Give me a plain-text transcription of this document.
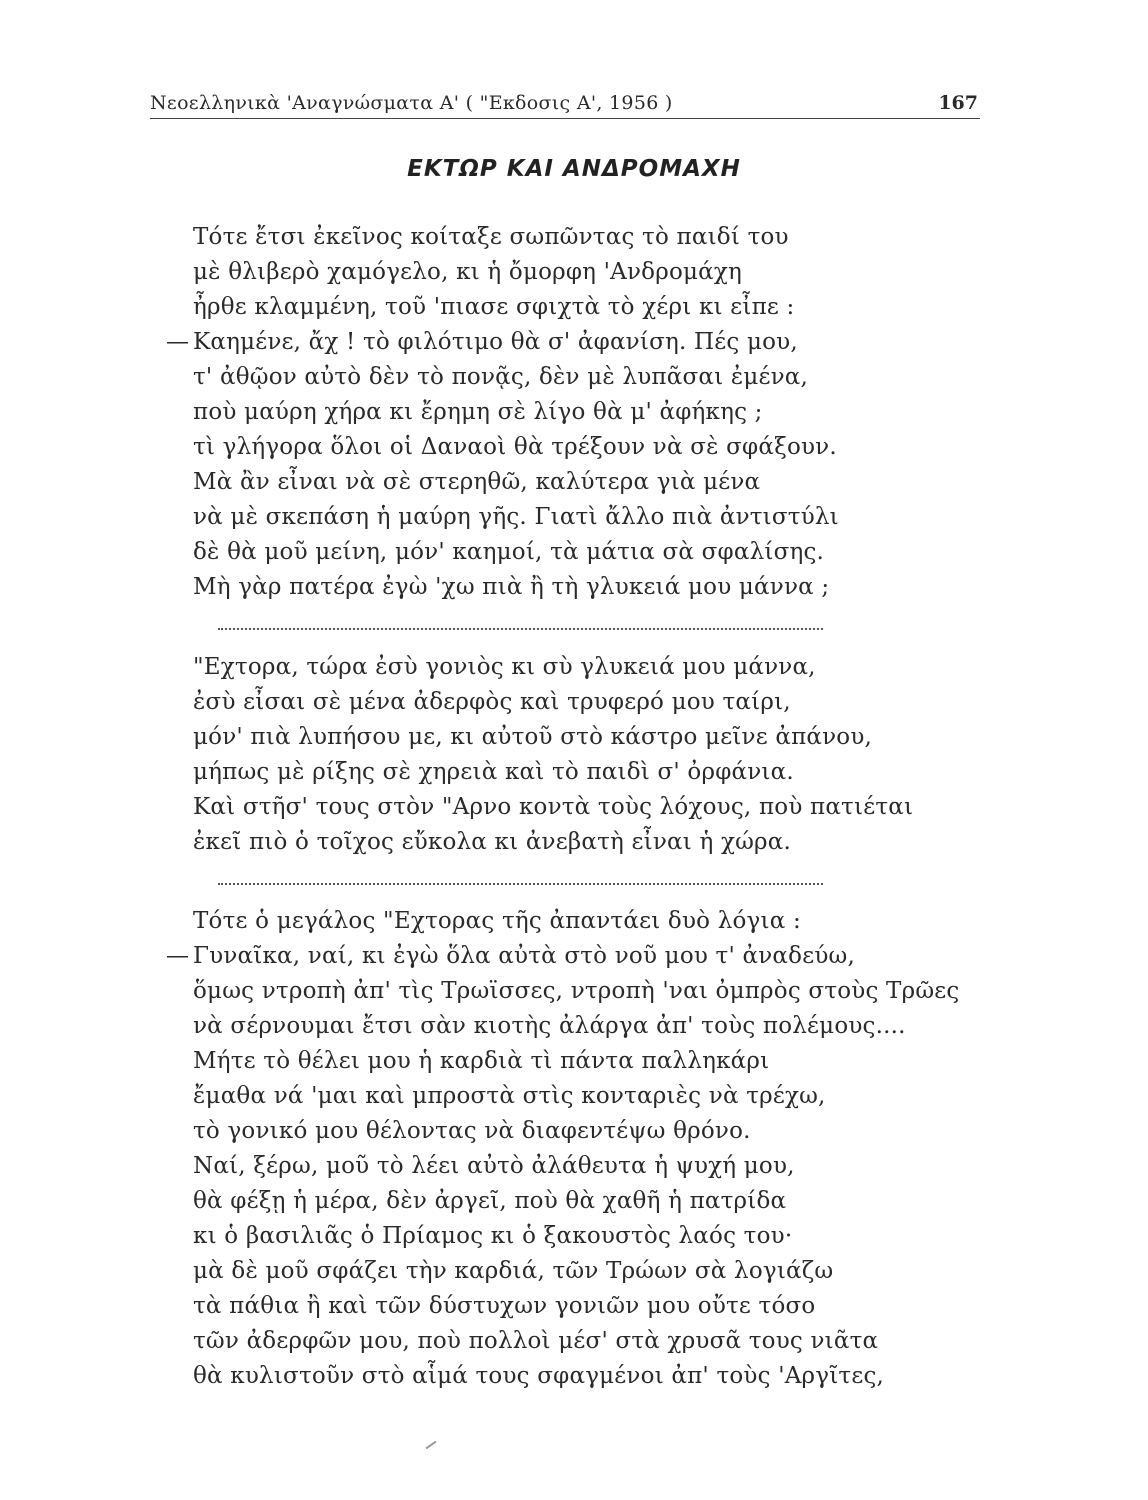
Νεοελληνικὰ 'Αναγνώσματα Α' ( "Εκδοσις Α', 1956 )	167
ΕΚΤΩΡ ΚΑΙ ΑΝΔΡΟΜΑΧΗ
Τότε ἔτσι ἐκεῖνος κοίταξε σωπῶντας τὸ παιδί του
μὲ θλιβερὸ χαμόγελο, κι ἡ ὄμορφη 'Ανδρομάχη
ἦρθε κλαμμένη, τοῦ 'πιασε σφιχτὰ τὸ χέρι κι εἶπε :
— Καημένε, ἄχ ! τὸ φιλότιμο θὰ σ' ἀφανίση. Πές μου,
τ' ἀθῷον αὐτὸ δὲν τὸ πονᾷς, δὲν μὲ λυπᾶσαι ἐμένα,
ποὺ μαύρη χήρα κι ἔρημη σὲ λίγο θὰ μ' ἀφήκης ;
τὶ γλήγορα ὅλοι οἱ Δαναοὶ θὰ τρέξουν νὰ σὲ σφάξουν.
Μὰ ἂν εἶναι νὰ σὲ στερηθῶ, καλύτερα γιὰ μένα
νὰ μὲ σκεπάση ἡ μαύρη γῆς. Γιατὶ ἄλλο πιὰ ἀντιστύλι
δὲ θὰ μοῦ μείνη, μόν' καημοί, τὰ μάτια σὰ σφαλίσης.
Μὴ γὰρ πατέρα ἐγὼ 'χω πιὰ ἢ τὴ γλυκειά μου μάννα ;
"Εχτορα, τώρα ἐσὺ γονιὸς κι σὺ γλυκειά μου μάννα,
ἐσὺ εἶσαι σὲ μένα ἀδερφὸς καὶ τρυφερό μου ταίρι,
μόν' πιὰ λυπήσου με, κι αὐτοῦ στὸ κάστρο μεῖνε ἀπάνου,
μήπως μὲ ρίξης σὲ χηρειὰ καὶ τὸ παιδὶ σ' ὀρφάνια.
Καὶ στῆσ' τους στὸν "Αρνο κοντὰ τοὺς λόχους, ποὺ πατιέται
ἐκεῖ πιὸ ὁ τοῖχος εὔκολα κι ἀνεβατὴ εἶναι ἡ χώρα.
Τότε ὁ μεγάλος "Εχτορας τῆς ἀπαντάει δυὸ λόγια :
— Γυναῖκα, ναί, κι ἐγὼ ὅλα αὐτὰ στὸ νοῦ μου τ' ἀναδεύω,
ὅμως ντροπὴ ἀπ' τὶς Τρωϊσσες, ντροπὴ 'ναι ὀμπρὸς στοὺς Τρῶες
νὰ σέρνουμαι ἔτσι σὰν κιοτὴς ἀλάργα ἀπ' τοὺς πολέμους....
Μήτε τὸ θέλει μου ἡ καρδιὰ τὶ πάντα παλληκάρι
ἔμαθα νά 'μαι καὶ μπροστὰ στὶς κονταριὲς νὰ τρέχω,
τὸ γονικό μου θέλοντας νὰ διαφεντέψω θρόνο.
Ναί, ξέρω, μοῦ τὸ λέει αὐτὸ ἀλάθευτα ἡ ψυχή μου,
θὰ φέξῃ ἡ μέρα, δὲν ἀργεῖ, ποὺ θὰ χαθῆ ἡ πατρίδα
κι ὁ βασιλιᾶς ὁ Πρίαμος κι ὁ ξακουστὸς λαός του·
μὰ δὲ μοῦ σφάζει τὴν καρδιά, τῶν Τρώων σὰ λογιάζω
τὰ πάθια ἢ καὶ τῶν δύστυχων γονιῶν μου οὔτε τόσο
τῶν ἀδερφῶν μου, ποὺ πολλοὶ μέσ' στὰ χρυσᾶ τους νιᾶτα
θὰ κυλιστοῦν στὸ αἷμά τους σφαγμένοι ἀπ' τοὺς 'Αργῖτες,
